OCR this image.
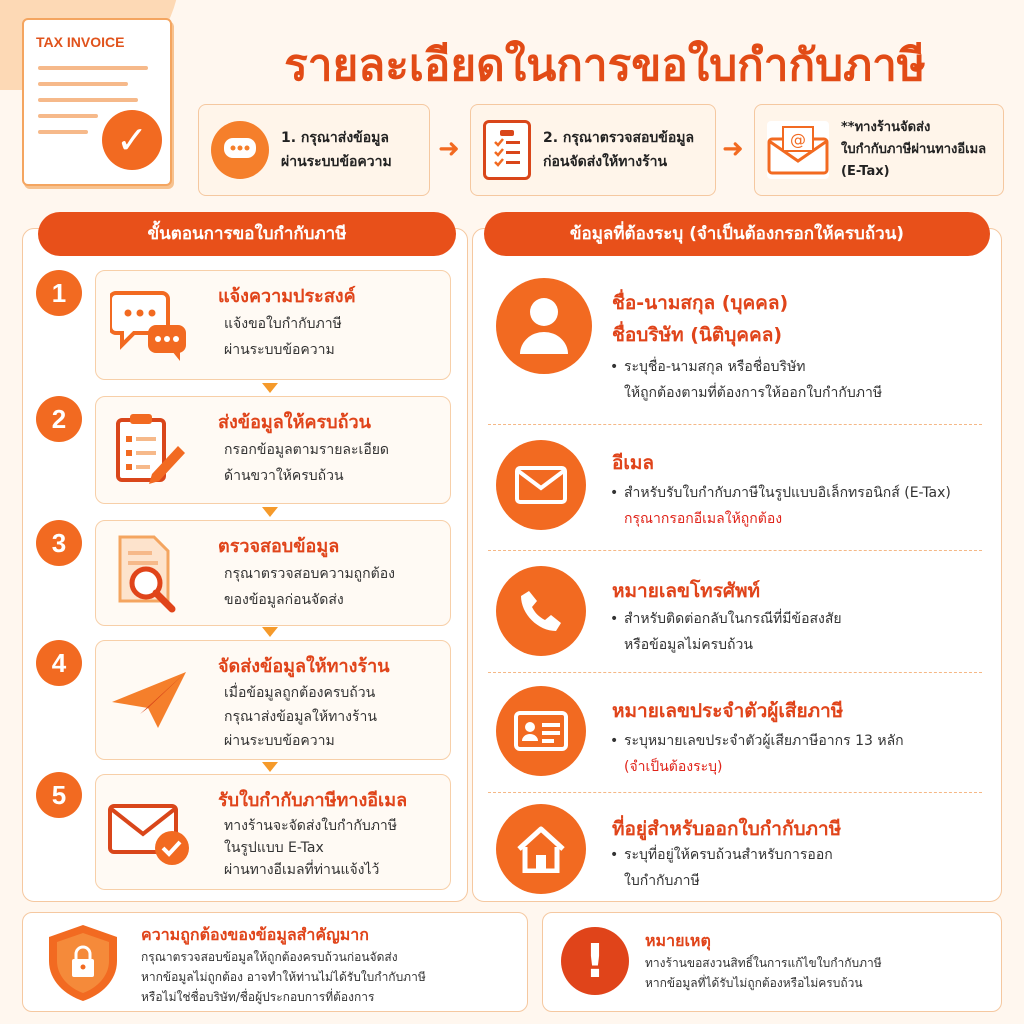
TAX INVOICE
✓
รายละเอียดในการขอใบกำกับภาษี
1. กรุณาส่งข้อมูล
ผ่านระบบข้อความ ➜	2. กรุณาตรวจสอบข้อมูล
ก่อนจัดส่งให้ทางร้าน	➜	@
**ทางร้านจัดส่ง
ใบกำกับภาษีผ่านทางอีเมล
(E-Tax)
ขั้นตอนการขอใบกำกับภาษี
1	แจ้งความประสงค์
แจ้งขอใบกำกับภาษี
ผ่านระบบข้อความ
2	ส่งข้อมูลให้ครบถ้วน
กรอกข้อมูลตามรายละเอียด
ด้านขวาให้ครบถ้วน
3	ตรวจสอบข้อมูล
กรุณาตรวจสอบความถูกต้อง
ของข้อมูลก่อนจัดส่ง
4	จัดส่งข้อมูลให้ทางร้าน
เมื่อข้อมูลถูกต้องครบถ้วน
กรุณาส่งข้อมูลให้ทางร้าน
ผ่านระบบข้อความ
5	รับใบกำกับภาษีทางอีเมล
ทางร้านจะจัดส่งใบกำกับภาษี
ในรูปแบบ E-Tax
ผ่านทางอีเมลที่ท่านแจ้งไว้
ข้อมูลที่ต้องระบุ (จำเป็นต้องกรอกให้ครบถ้วน)
ชื่อ-นามสกุล (บุคคล)
ชื่อบริษัท (นิติบุคคล)
• ระบุชื่อ-นามสกุล หรือชื่อบริษัท
ให้ถูกต้องตามที่ต้องการให้ออกใบกำกับภาษี
อีเมล
• สำหรับรับใบกำกับภาษีในรูปแบบอิเล็กทรอนิกส์ (E-Tax)
กรุณากรอกอีเมลให้ถูกต้อง
หมายเลขโทรศัพท์
• สำหรับติดต่อกลับในกรณีที่มีข้อสงสัย
หรือข้อมูลไม่ครบถ้วน
หมายเลขประจำตัวผู้เสียภาษี
• ระบุหมายเลขประจำตัวผู้เสียภาษีอากร 13 หลัก
(จำเป็นต้องระบุ)
ที่อยู่สำหรับออกใบกำกับภาษี
• ระบุที่อยู่ให้ครบถ้วนสำหรับการออก
ใบกำกับภาษี
ความถูกต้องของข้อมูลสำคัญมาก
กรุณาตรวจสอบข้อมูลให้ถูกต้องครบถ้วนก่อนจัดส่ง
หากข้อมูลไม่ถูกต้อง อาจทำให้ท่านไม่ได้รับใบกำกับภาษี
หรือไม่ใช่ชื่อบริษัท/ชื่อผู้ประกอบการที่ต้องการ
!	หมายเหตุ
ทางร้านขอสงวนสิทธิ์ในการแก้ไขใบกำกับภาษี
หากข้อมูลที่ได้รับไม่ถูกต้องหรือไม่ครบถ้วน
